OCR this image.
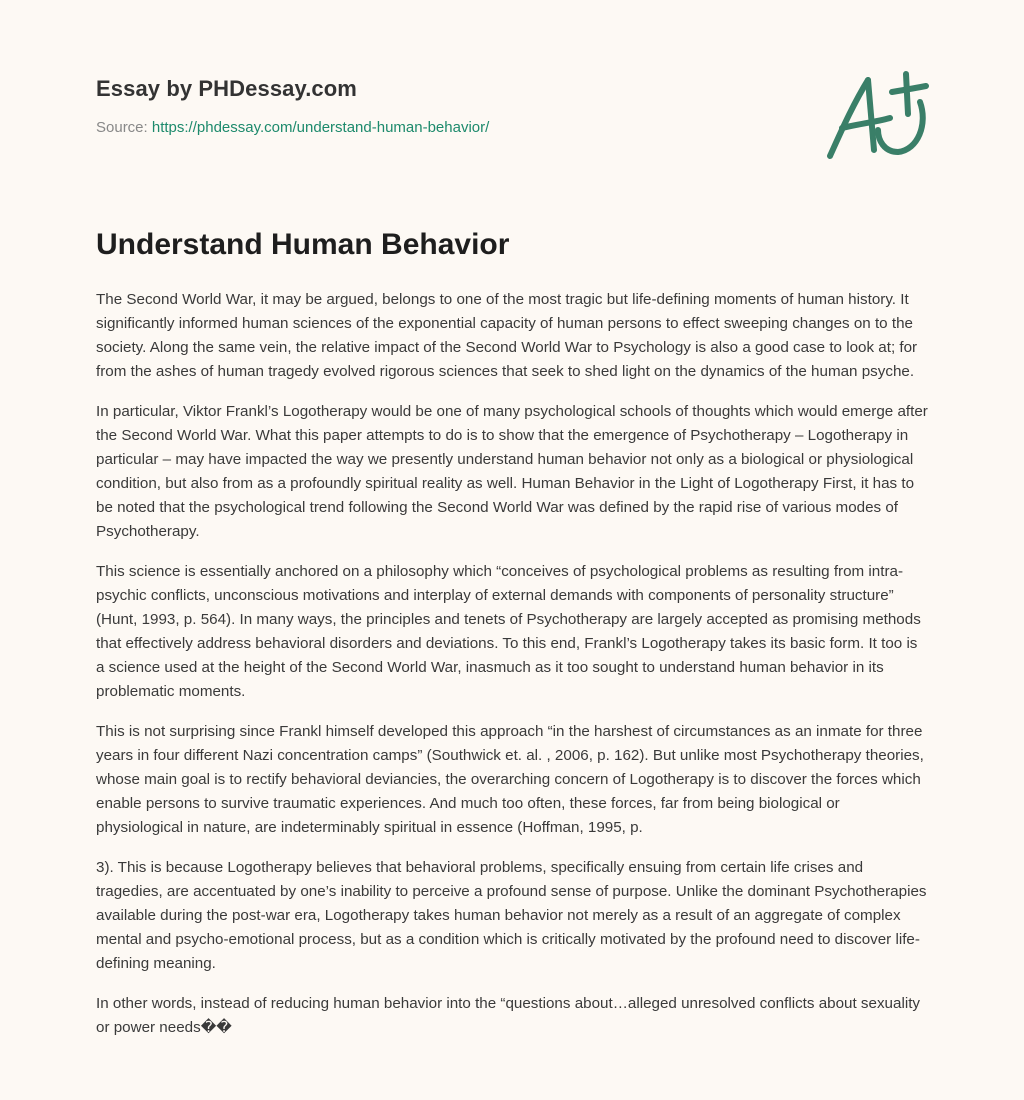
Essay by PHDessay.com
Source: https://phdessay.com/understand-human-behavior/
Understand Human Behavior

The Second World War, it may be argued, belongs to one of the most tragic but life-defining moments of human history. It significantly informed human sciences of the exponential capacity of human persons to effect sweeping changes on to the society. Along the same vein, the relative impact of the Second World War to Psychology is also a good case to look at; for from the ashes of human tragedy evolved rigorous sciences that seek to shed light on the dynamics of the human psyche.

In particular, Viktor Frankl’s Logotherapy would be one of many psychological schools of thoughts which would emerge after the Second World War. What this paper attempts to do is to show that the emergence of Psychotherapy – Logotherapy in particular – may have impacted the way we presently understand human behavior not only as a biological or physiological condition, but also from as a profoundly spiritual reality as well. Human Behavior in the Light of Logotherapy First, it has to be noted that the psychological trend following the Second World War was defined by the rapid rise of various modes of Psychotherapy.

This science is essentially anchored on a philosophy which “conceives of psychological problems as resulting from intra-psychic conflicts, unconscious motivations and interplay of external demands with components of personality structure” (Hunt, 1993, p. 564). In many ways, the principles and tenets of Psychotherapy are largely accepted as promising methods that effectively address behavioral disorders and deviations. To this end, Frankl’s Logotherapy takes its basic form. It too is a science used at the height of the Second World War, inasmuch as it too sought to understand human behavior in its problematic moments.

This is not surprising since Frankl himself developed this approach “in the harshest of circumstances as an inmate for three years in four different Nazi concentration camps” (Southwick et. al. , 2006, p. 162). But unlike most Psychotherapy theories, whose main goal is to rectify behavioral deviancies, the overarching concern of Logotherapy is to discover the forces which enable persons to survive traumatic experiences. And much too often, these forces, far from being biological or physiological in nature, are indeterminably spiritual in essence (Hoffman, 1995, p.

3). This is because Logotherapy believes that behavioral problems, specifically ensuing from certain life crises and tragedies, are accentuated by one’s inability to perceive a profound sense of purpose. Unlike the dominant Psychotherapies available during the post-war era, Logotherapy takes human behavior not merely as a result of an aggregate of complex mental and psycho-emotional process, but as a condition which is critically motivated by the profound need to discover life-defining meaning.

In other words, instead of reducing human behavior into the “questions about…alleged unresolved conflicts about sexuality or power needs��
